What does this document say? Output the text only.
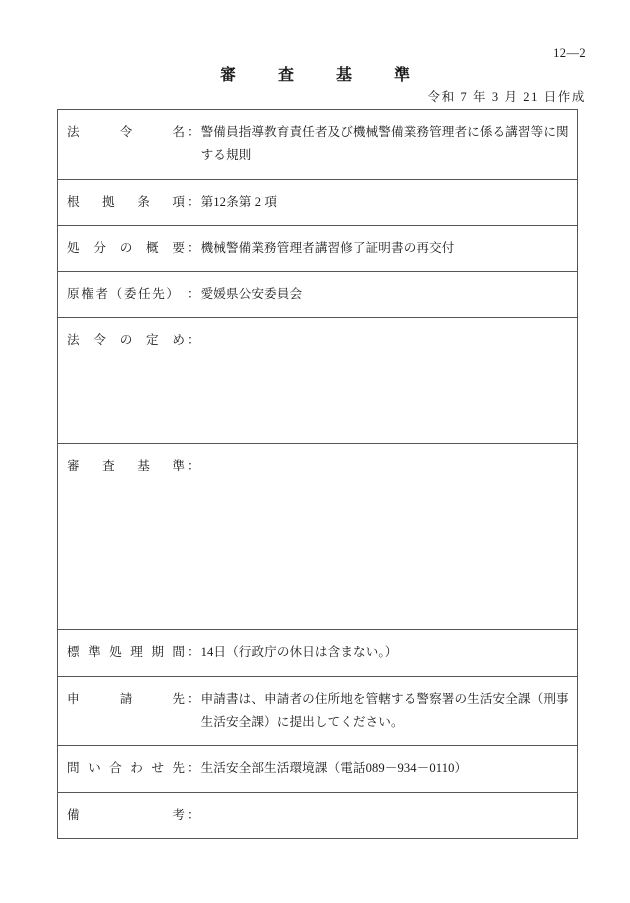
12—2
審 査 基 準
令和 7 年 3 月 21 日作成
法	令	名 ： 警備員指導教育責任者及び機械警備業務管理者に係る講習等に関する規則

根 拠 条 項 ： 第12条第 2 項

処 分 の 概 要 ： 機械警備業務管理者講習修了証明書の再交付

原 権 者 （ 委 任 先 ） ： 愛媛県公安委員会

法 令 の 定 め ：

審 査 基 準 ：

標 準 処 理 期 間 ： 14日（行政庁の休日は含まない。）

申	請	先 ： 申請書は、申請者の住所地を管轄する警察署の生活安全課（刑事生活安全課）に提出してください。

問 い 合 わ せ 先 ： 生活安全部生活環境課（電話089－934－0110）

備	考 ：
